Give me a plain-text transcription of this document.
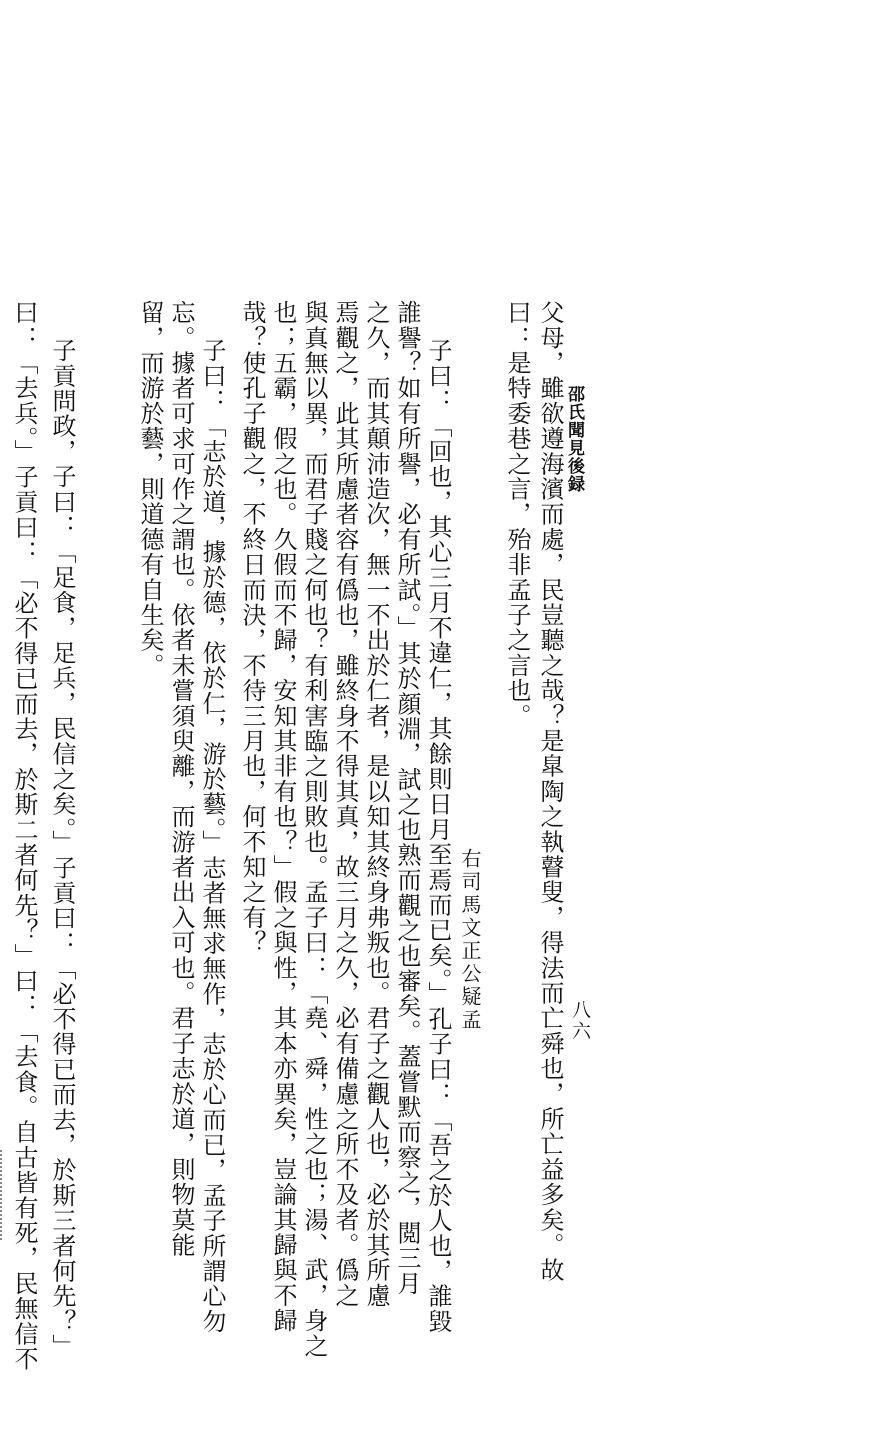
邵氏聞見後録
八六
父母，雖欲遵海濱而處，民豈聽之哉？是皐陶之執瞽叟，得法而亡舜也，所亡益多矣。故
曰：是特委巷之言，殆非孟子之言也。
右司馬文正公疑孟
子曰：「回也，其心三月不違仁，其餘則日月至焉而已矣。」孔子曰：「吾之於人也，誰毀
誰譽？如有所譽，必有所試。」其於顔淵，試之也熟而觀之也審矣。蓋嘗默而察之，閲三月
之久，而其顛沛造次，無一不出於仁者，是以知其終身弗叛也。君子之觀人也，必於其所慮
焉觀之，此其所慮者容有僞也，雖終身不得其真，故三月之久，必有備慮之所不及者。僞之
與真無以異，而君子賤之何也？有利害臨之則敗也。孟子曰：「堯、舜，性之也；湯、武，身之
也；五霸，假之也。久假而不歸，安知其非有也？」假之與性，其本亦異矣，豈論其歸與不歸
哉？使孔子觀之，不終日而決，不待三月也，何不知之有？
子曰：「志於道，據於德，依於仁，游於藝。」志者無求無作，志於心而已，孟子所謂心勿
忘。據者可求可作之謂也。依者未嘗須臾離，而游者出入可也。君子志於道，則物莫能
留，而游於藝，則道德有自生矣。
子貢問政，子曰：「足食，足兵，民信之矣。」子貢曰：「必不得已而去，於斯三者何先？」
曰：「去兵。」子貢曰：「必不得已而去，於斯二者何先？」曰：「去食。自古皆有死，民無信不
